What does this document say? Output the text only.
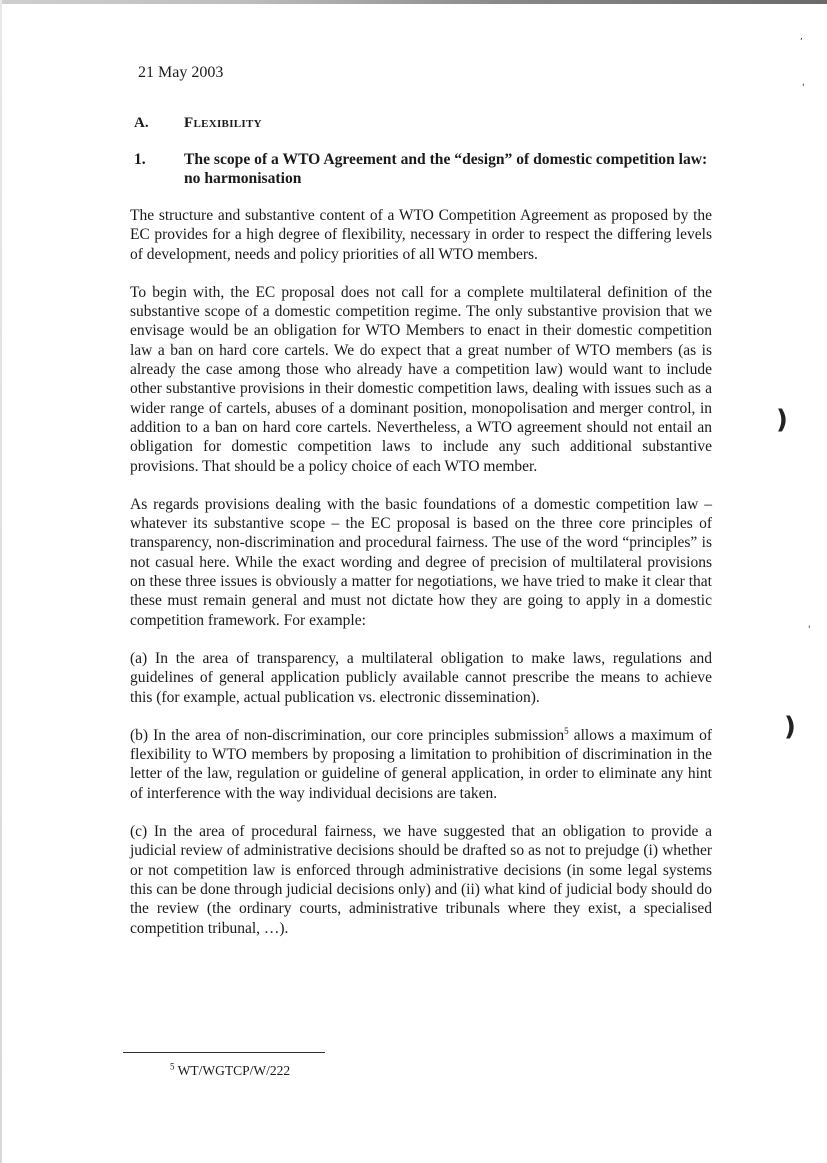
21 May 2003
A. Flexibility
1. The scope of a WTO Agreement and the “design” of domestic competition law: no harmonisation

The structure and substantive content of a WTO Competition Agreement as proposed by the EC provides for a high degree of flexibility, necessary in order to respect the differing levels of development, needs and policy priorities of all WTO members.

To begin with, the EC proposal does not call for a complete multilateral definition of the substantive scope of a domestic competition regime. The only substantive provision that we envisage would be an obligation for WTO Members to enact in their domestic competition law a ban on hard core cartels. We do expect that a great number of WTO members (as is already the case among those who already have a competition law) would want to include other substantive provisions in their domestic competition laws, dealing with issues such as a wider range of cartels, abuses of a dominant position, monopolisation and merger control, in addition to a ban on hard core cartels. Nevertheless, a WTO agreement should not entail an obligation for domestic competition laws to include any such additional substantive provisions. That should be a policy choice of each WTO member.

As regards provisions dealing with the basic foundations of a domestic competition law – whatever its substantive scope – the EC proposal is based on the three core principles of transparency, non-discrimination and procedural fairness. The use of the word “principles” is not casual here. While the exact wording and degree of precision of multilateral provisions on these three issues is obviously a matter for negotiations, we have tried to make it clear that these must remain general and must not dictate how they are going to apply in a domestic competition framework. For example:

(a) In the area of transparency, a multilateral obligation to make laws, regulations and guidelines of general application publicly available cannot prescribe the means to achieve this (for example, actual publication vs. electronic dissemination).

(b) In the area of non-discrimination, our core principles submission$^5$ allows a maximum of flexibility to WTO members by proposing a limitation to prohibition of discrimination in the letter of the law, regulation or guideline of general application, in order to eliminate any hint of interference with the way individual decisions are taken.

(c) In the area of procedural fairness, we have suggested that an obligation to provide a judicial review of administrative decisions should be drafted so as not to prejudge (i) whether or not competition law is enforced through administrative decisions (in some legal systems this can be done through judicial decisions only) and (ii) what kind of judicial body should do the review (the ordinary courts, administrative tribunals where they exist, a specialised competition tribunal, …).

$^5$ WT/WGTCP/W/222
,
'
)
'
)
